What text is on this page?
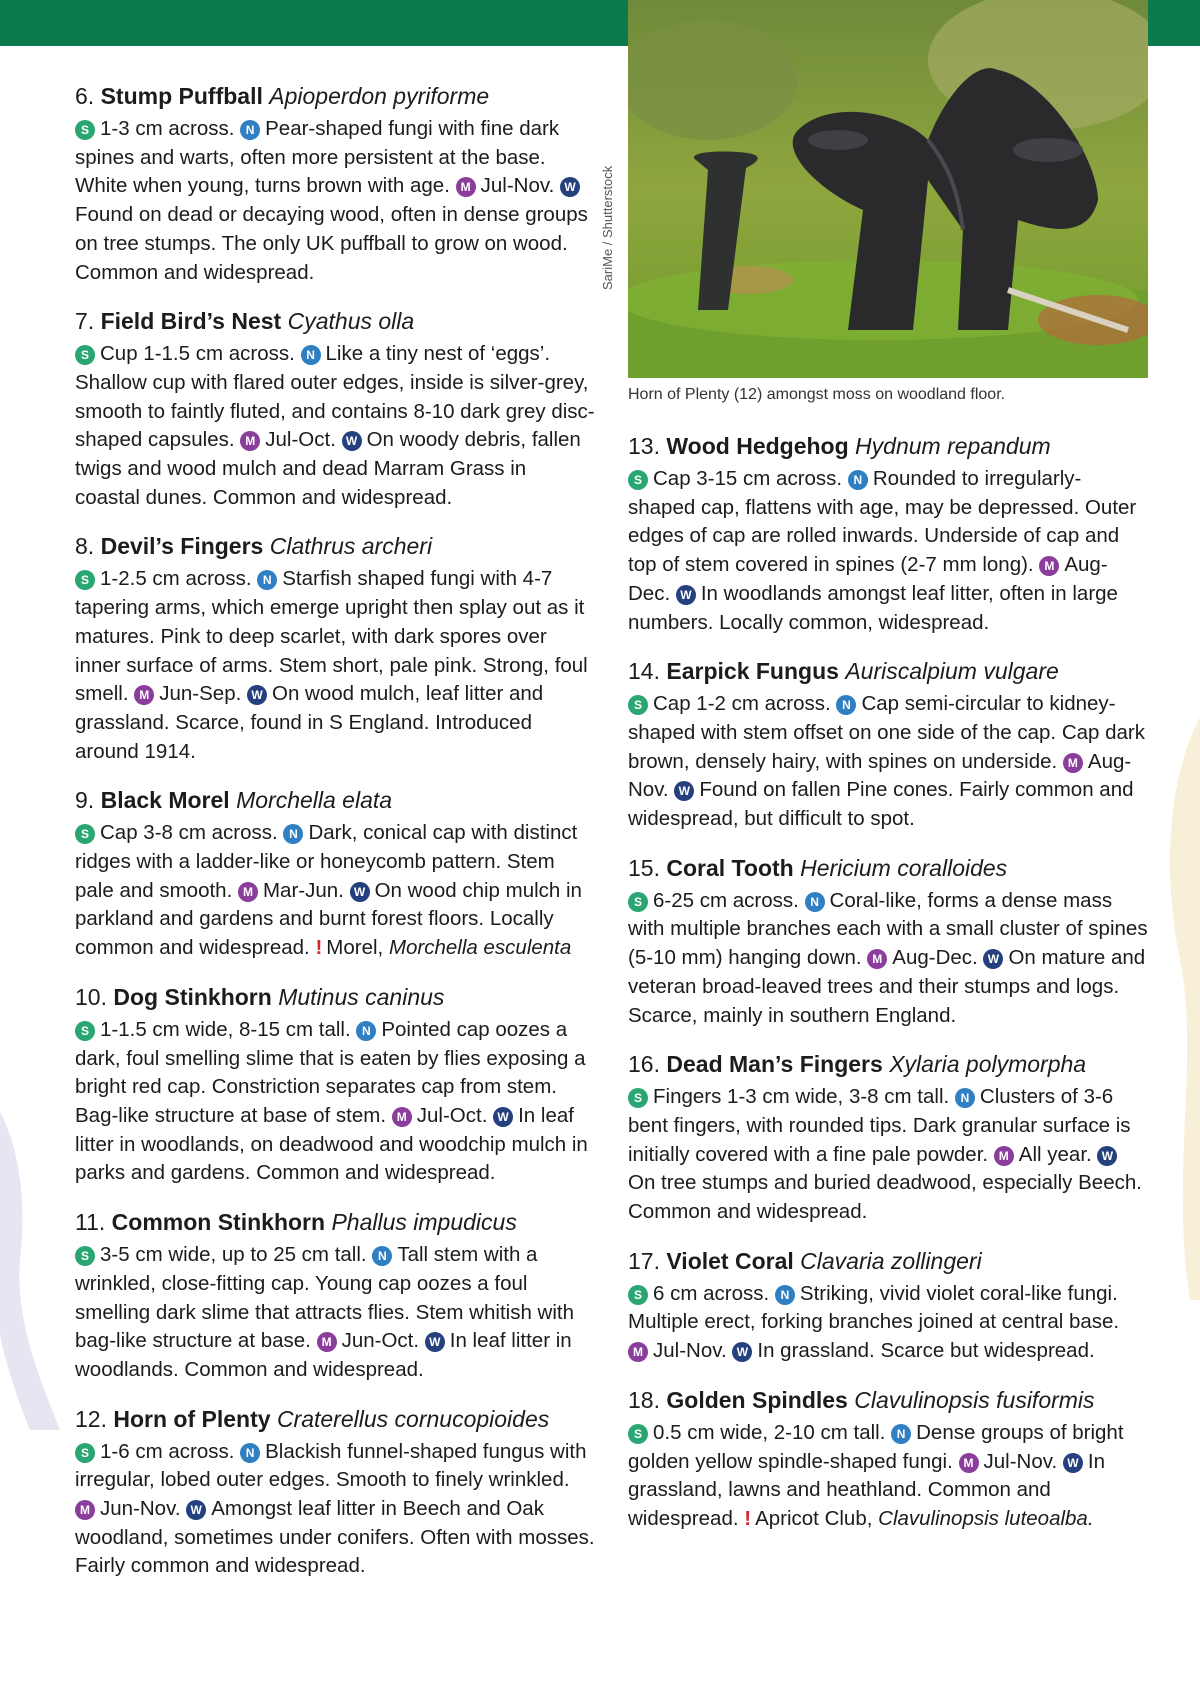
SariMe / Shutterstock
Horn of Plenty (12) amongst moss on woodland floor.

6. Stump Puffball Apioperdon pyriforme

S 1-3 cm across. N Pear-shaped fungi with fine dark spines and warts, often more persistent at the base. White when young, turns brown with age. M Jul-Nov. WFound on dead or decaying wood, often in dense groups on tree stumps. The only UK puffball to grow on wood. Common and widespread.

7. Field Bird’s Nest Cyathus olla

S Cup 1-1.5 cm across. N Like a tiny nest of ‘eggs’. Shallow cup with flared outer edges, inside is silver-grey, smooth to faintly fluted, and contains 8-10 dark grey disc-shaped capsules. M Jul-Oct. W On woody debris, fallen twigs and wood mulch and dead Marram Grass in coastal dunes. Common and widespread.

8. Devil’s Fingers Clathrus archeri

S 1-2.5 cm across. N Starfish shaped fungi with 4-7 tapering arms, which emerge upright then splay out as it matures. Pink to deep scarlet, with dark spores over inner surface of arms. Stem short, pale pink. Strong, foul smell. M Jun-Sep. W On wood mulch, leaf litter and grassland. Scarce, found in S England. Introduced around 1914.

9. Black Morel Morchella elata

S Cap 3-8 cm across. N Dark, conical cap with distinct ridges with a ladder-like or honeycomb pattern. Stem pale and smooth. M Mar-Jun. W On wood chip mulch in parkland and gardens and burnt forest floors. Locally common and widespread. ! Morel, Morchella esculenta

10. Dog Stinkhorn Mutinus caninus

S 1-1.5 cm wide, 8-15 cm tall. N Pointed cap oozes a dark, foul smelling slime that is eaten by flies exposing a bright red cap. Constriction separates cap from stem. Bag-like structure at base of stem. M Jul-Oct. W In leaf litter in woodlands, on deadwood and woodchip mulch in parks and gardens. Common and widespread.

11. Common Stinkhorn Phallus impudicus

S 3-5 cm wide, up to 25 cm tall. N Tall stem with a wrinkled, close-fitting cap. Young cap oozes a foul smelling dark slime that attracts flies. Stem whitish with bag-like structure at base. M Jun-Oct. W In leaf litter in woodlands. Common and widespread.

12. Horn of Plenty Craterellus cornucopioides

S 1-6 cm across. N Blackish funnel-shaped fungus with irregular, lobed outer edges. Smooth to finely wrinkled. M Jun-Nov. W Amongst leaf litter in Beech and Oak woodland, sometimes under conifers. Often with mosses. Fairly common and widespread.

13. Wood Hedgehog Hydnum repandum

S Cap 3-15 cm across. N Rounded to irregularly-shaped cap, flattens with age, may be depressed. Outer edges of cap are rolled inwards. Underside of cap and top of stem covered in spines (2-7 mm long). M Aug-Dec. W In woodlands amongst leaf litter, often in large numbers. Locally common, widespread.

14. Earpick Fungus Auriscalpium vulgare

S Cap 1-2 cm across. N Cap semi-circular to kidney-shaped with stem offset on one side of the cap. Cap dark brown, densely hairy, with spines on underside. M Aug-Nov. W Found on fallen Pine cones. Fairly common and widespread, but difficult to spot.

15. Coral Tooth Hericium coralloides

S 6-25 cm across. N Coral-like, forms a dense mass with multiple branches each with a small cluster of spines (5-10 mm) hanging down. M Aug-Dec. W On mature and veteran broad-leaved trees and their stumps and logs. Scarce, mainly in southern England.

16. Dead Man’s Fingers Xylaria polymorpha

S Fingers 1-3 cm wide, 3-8 cm tall. N Clusters of 3-6 bent fingers, with rounded tips. Dark granular surface is initially covered with a fine pale powder. M All year. WOn tree stumps and buried deadwood, especially Beech. Common and widespread.

17. Violet Coral Clavaria zollingeri

S 6 cm across. N Striking, vivid violet coral-like fungi. Multiple erect, forking branches joined at central base. M Jul-Nov. W In grassland. Scarce but widespread.

18. Golden Spindles Clavulinopsis fusiformis

S 0.5 cm wide, 2-10 cm tall. N Dense groups of bright golden yellow spindle-shaped fungi. M Jul-Nov. W In grassland, lawns and heathland. Common and widespread. ! Apricot Club, Clavulinopsis luteoalba.
